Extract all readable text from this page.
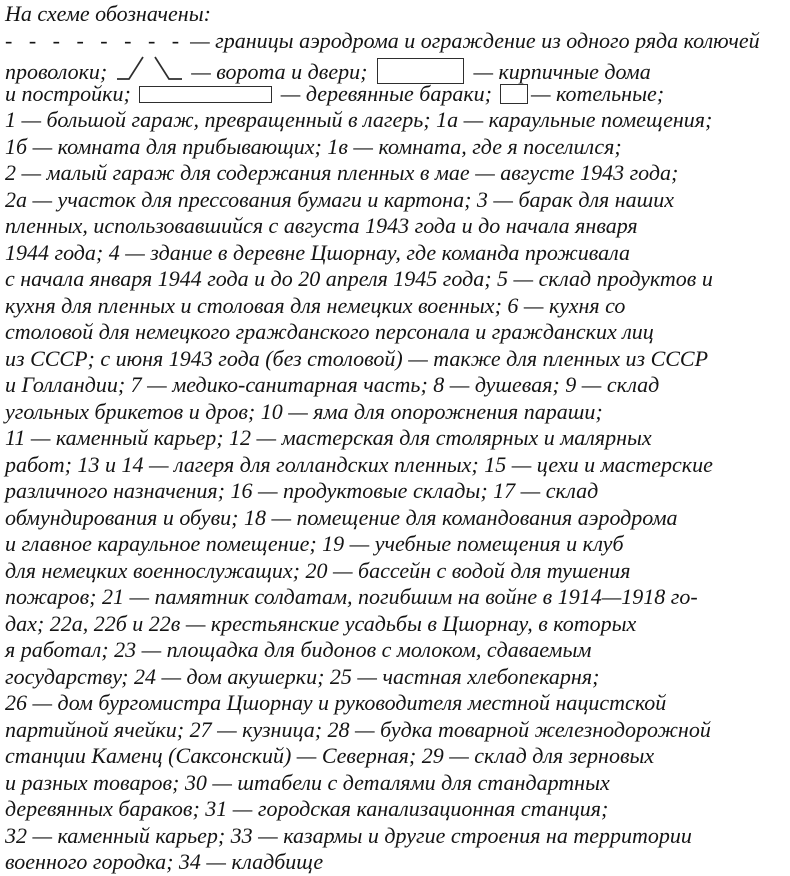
На схеме обозначены:
- - - - - - - - — границы аэродрома и ограждение из одного ряда колючей
проволоки;	— ворота и двери;	— кирпичные дома
и постройки;	— деревянные бараки; — котельные;
1 — большой гараж, превращенный в лагерь; 1а — караульные помещения;
1б — комната для прибывающих; 1в — комната, где я поселился;
2 — малый гараж для содержания пленных в мае — августе 1943 года;
2а — участок для прессования бумаги и картона; 3 — барак для наших
пленных, использовавшийся с августа 1943 года и до начала января
1944 года; 4 — здание в деревне Цшорнау, где команда проживала
с начала января 1944 года и до 20 апреля 1945 года; 5 — склад продуктов и
кухня для пленных и столовая для немецких военных; 6 — кухня со
столовой для немецкого гражданского персонала и гражданских лиц
из СССР; с июня 1943 года (без столовой) — также для пленных из СССР
и Голландии; 7 — медико-санитарная часть; 8 — душевая; 9 — склад
угольных брикетов и дров; 10 — яма для опорожнения параши;
11 — каменный карьер; 12 — мастерская для столярных и малярных
работ; 13 и 14 — лагеря для голландских пленных; 15 — цехи и мастерские
различного назначения; 16 — продуктовые склады; 17 — склад
обмундирования и обуви; 18 — помещение для командования аэродрома
и главное караульное помещение; 19 — учебные помещения и клуб
для немецких военнослужащих; 20 — бассейн с водой для тушения
пожаров; 21 — памятник солдатам, погибшим на войне в 1914—1918 го-
дах; 22а, 22б и 22в — крестьянские усадьбы в Цшорнау, в которых
я работал; 23 — площадка для бидонов с молоком, сдаваемым
государству; 24 — дом акушерки; 25 — частная хлебопекарня;
26 — дом бургомистра Цшорнау и руководителя местной нацистской
партийной ячейки; 27 — кузница; 28 — будка товарной железнодорожной
станции Каменц (Саксонский) — Северная; 29 — склад для зерновых
и разных товаров; 30 — штабели с деталями для стандартных
деревянных бараков; 31 — городская канализационная станция;
32 — каменный карьер; 33 — казармы и другие строения на территории
военного городка; 34 — кладбище
